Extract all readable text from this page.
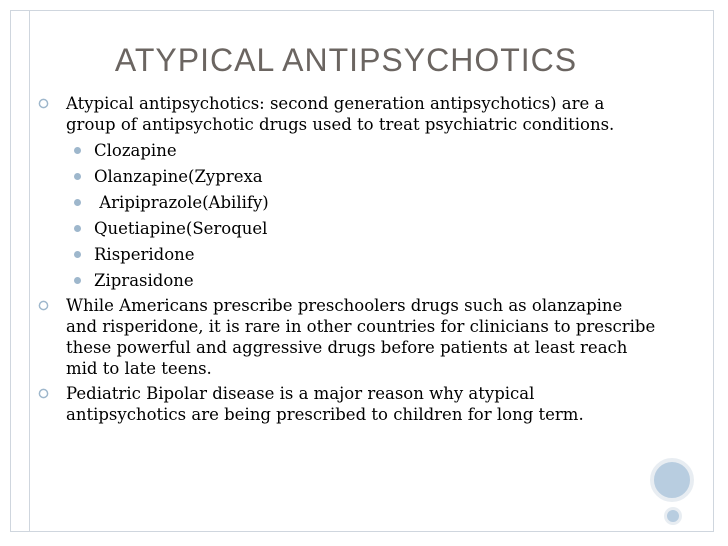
ATYPICAL ANTIPSYCHOTICS
Atypical antipsychotics: second generation antipsychotics) are a group of antipsychotic drugs used to treat psychiatric conditions.
Clozapine
Olanzapine(Zyprexa
Aripiprazole(Abilify)
Quetiapine(Seroquel
Risperidone
Ziprasidone
While Americans prescribe preschoolers drugs such as olanzapine and risperidone, it is rare in other countries for clinicians to prescribe these powerful and aggressive drugs before patients at least reach mid to late teens.
Pediatric Bipolar disease is a major reason why atypical antipsychotics are being prescribed to children for long term.
